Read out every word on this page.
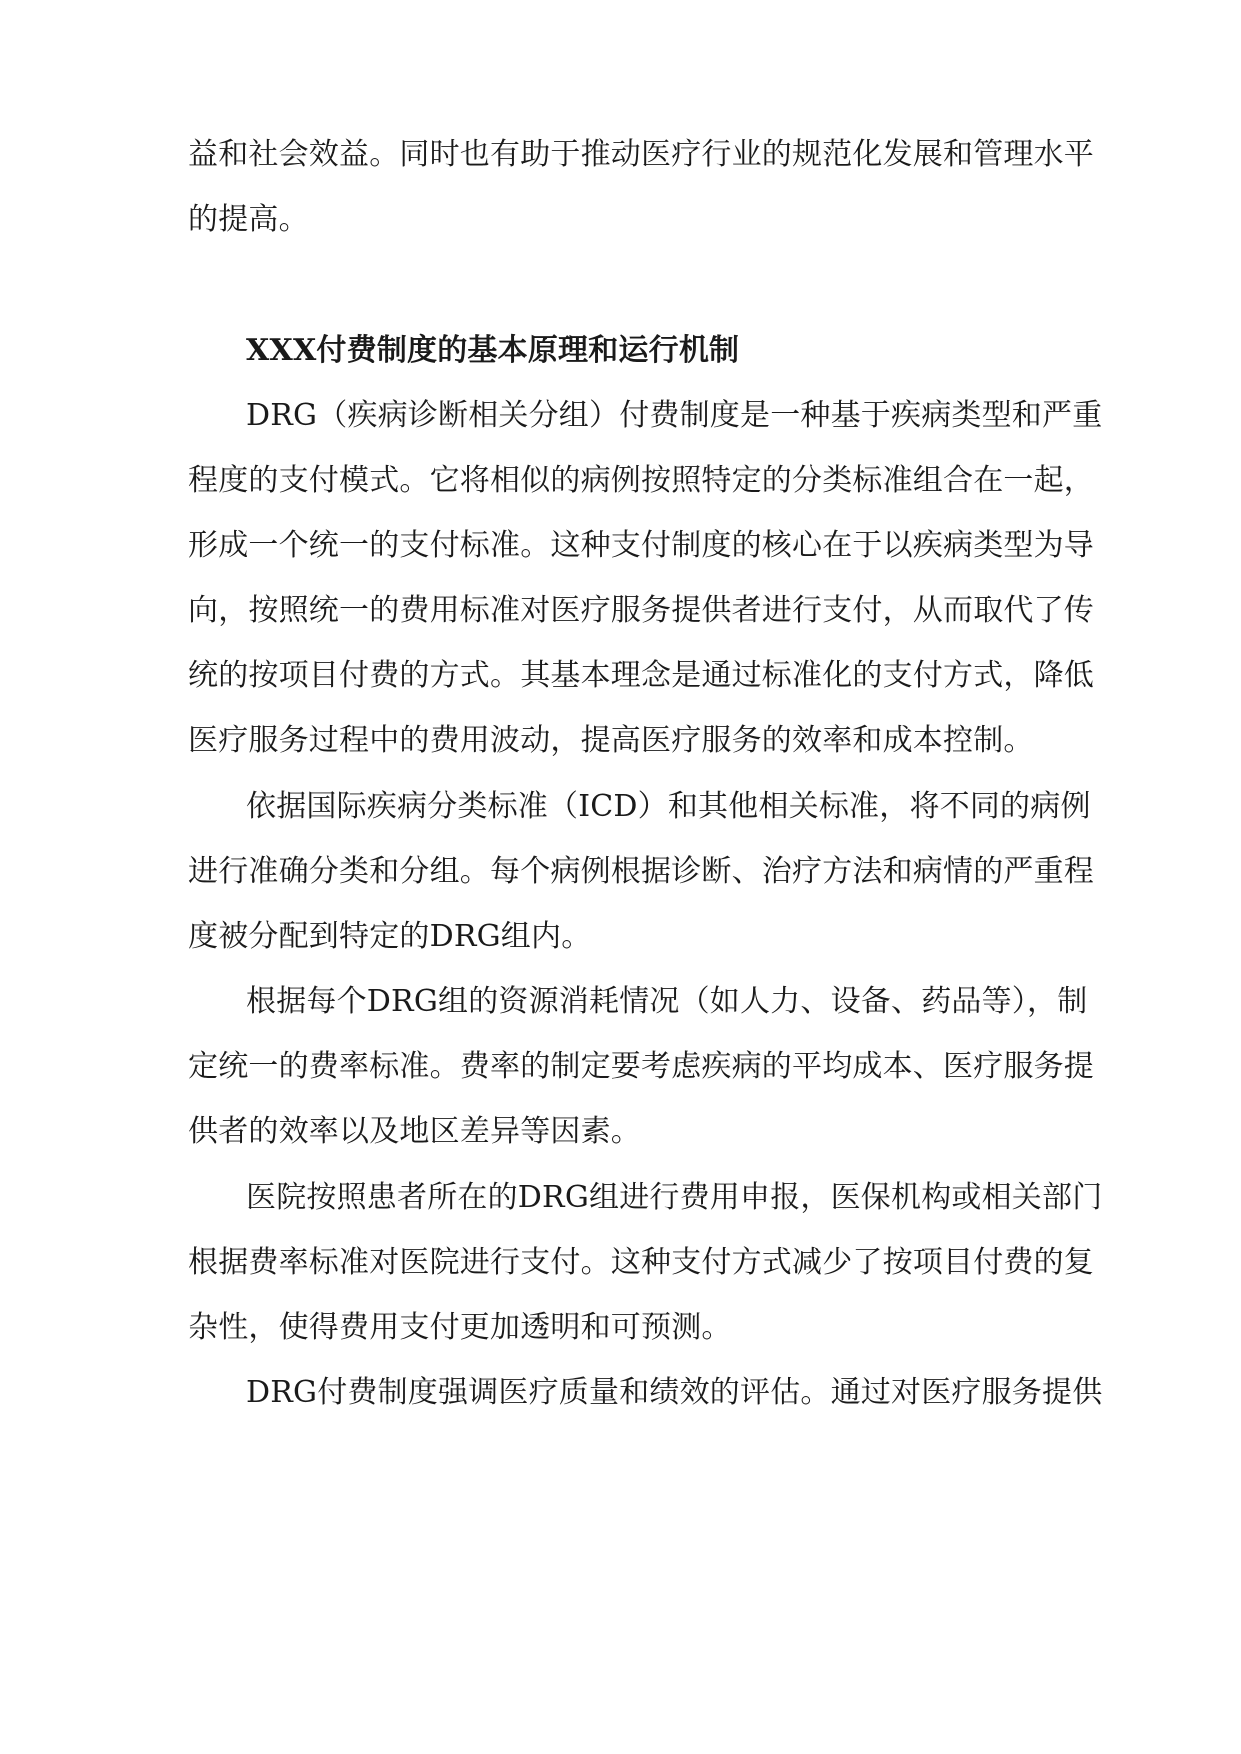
益和社会效益。同时也有助于推动医疗行业的规范化发展和管理水平
的提高。
XXX付费制度的基本原理和运行机制
DRG（疾病诊断相关分组）付费制度是一种基于疾病类型和严重
程度的支付模式。它将相似的病例按照特定的分类标准组合在一起，
形成一个统一的支付标准。这种支付制度的核心在于以疾病类型为导
向，按照统一的费用标准对医疗服务提供者进行支付，从而取代了传
统的按项目付费的方式。其基本理念是通过标准化的支付方式，降低
医疗服务过程中的费用波动，提高医疗服务的效率和成本控制。
依据国际疾病分类标准（ICD）和其他相关标准，将不同的病例
进行准确分类和分组。每个病例根据诊断、治疗方法和病情的严重程
度被分配到特定的DRG组内。
根据每个DRG组的资源消耗情况（如人力、设备、药品等），制
定统一的费率标准。费率的制定要考虑疾病的平均成本、医疗服务提
供者的效率以及地区差异等因素。
医院按照患者所在的DRG组进行费用申报，医保机构或相关部门
根据费率标准对医院进行支付。这种支付方式减少了按项目付费的复
杂性，使得费用支付更加透明和可预测。
DRG付费制度强调医疗质量和绩效的评估。通过对医疗服务提供
